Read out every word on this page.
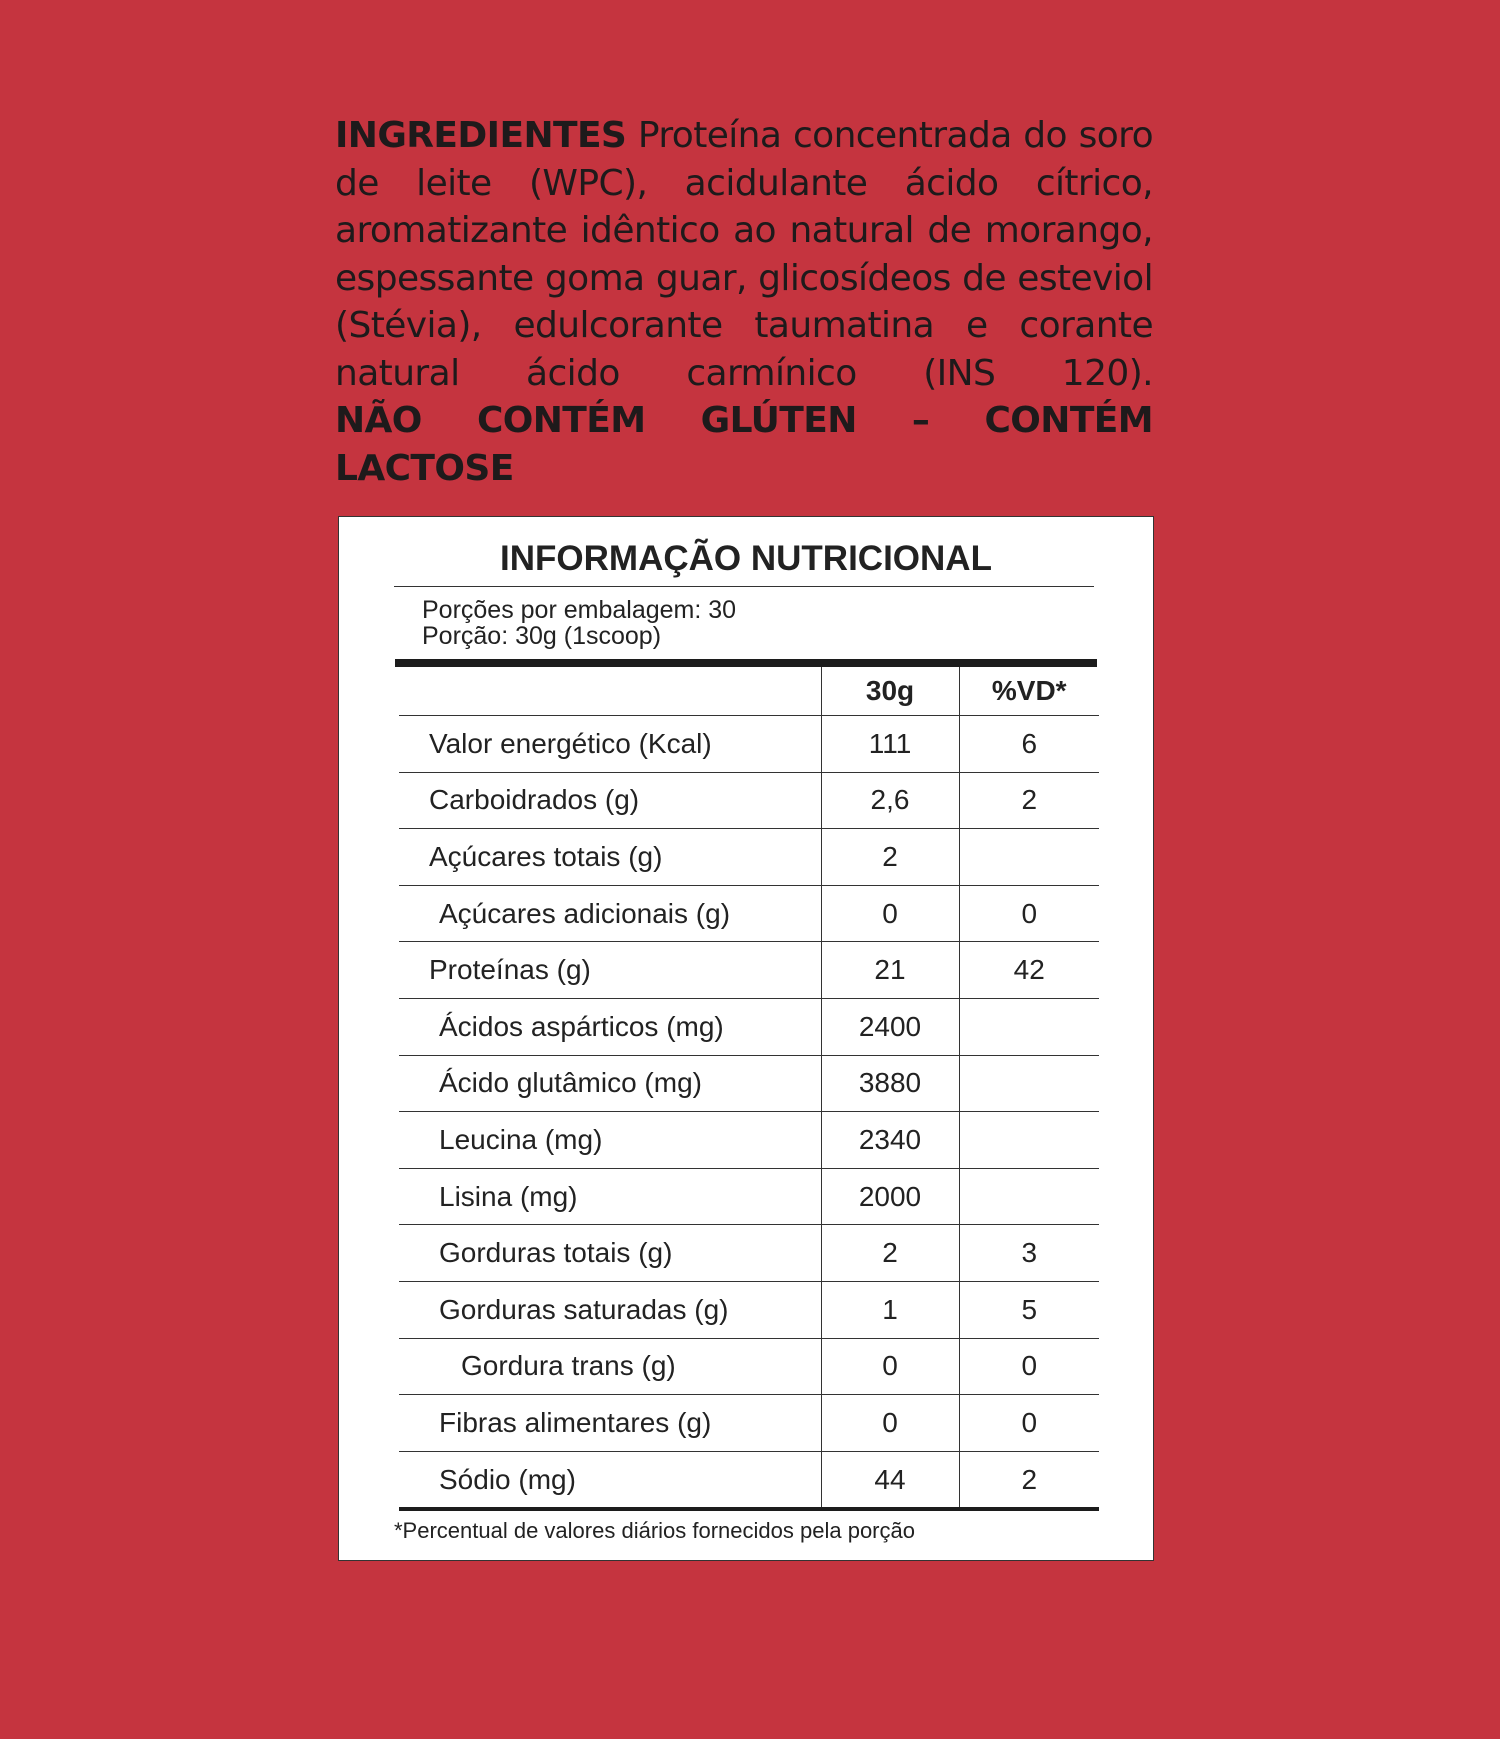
INGREDIENTES Proteína concentrada do soro de leite (WPC), acidulante ácido cítrico, aromatizante idêntico ao natural de morango, espessante goma guar, glicosídeos de esteviol (Stévia), edulcorante taumatina e corante natural ácido carmínico (INS 120).
NÃO CONTÉM GLÚTEN – CONTÉM LACTOSE
INFORMAÇÃO NUTRICIONAL
Porções por embalagem: 30
Porção: 30g (1scoop)
	30g	%VD*
Valor energético (Kcal)	111	6
Carboidrados (g)	2,6	2
Açúcares totais (g)	2	
Açúcares adicionais (g)	0	0
Proteínas (g)	21	42
Ácidos aspárticos (mg)	2400	
Ácido glutâmico (mg)	3880	
Leucina (mg)	2340	
Lisina (mg)	2000	
Gorduras totais (g)	2	3
Gorduras saturadas (g)	1	5
Gordura trans (g)	0	0
Fibras alimentares (g)	0	0
Sódio (mg)	44	2
*Percentual de valores diários fornecidos pela porção
